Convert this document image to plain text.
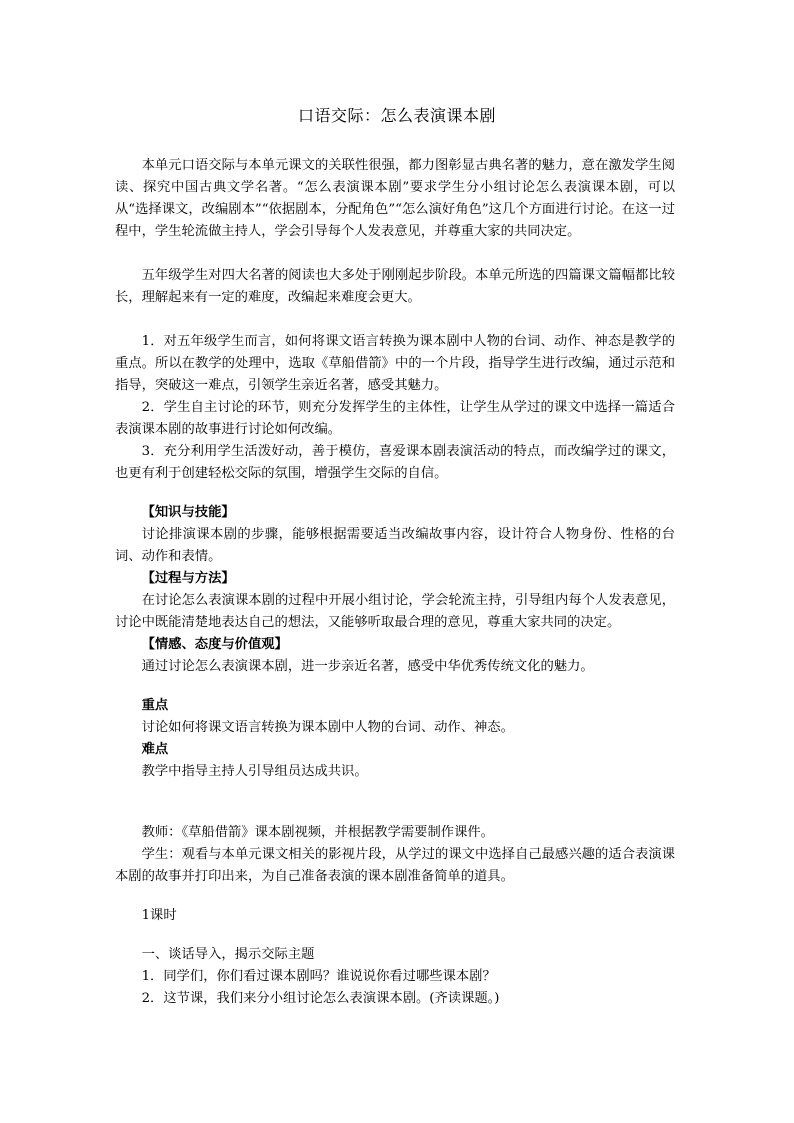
口语交际：怎么表演课本剧

本单元口语交际与本单元课文的关联性很强，都力图彰显古典名著的魅力，意在激发学生阅读、探究中国古典文学名著。“怎么表演课本剧”要求学生分小组讨论怎么表演课本剧，可以从“选择课文，改编剧本”“依据剧本，分配角色”“怎么演好角色”这几个方面进行讨论。在这一过程中，学生轮流做主持人，学会引导每个人发表意见，并尊重大家的共同决定。

五年级学生对四大名著的阅读也大多处于刚刚起步阶段。本单元所选的四篇课文篇幅都比较长，理解起来有一定的难度，改编起来难度会更大。

1．对五年级学生而言，如何将课文语言转换为课本剧中人物的台词、动作、神态是教学的重点。所以在教学的处理中，选取《草船借箭》中的一个片段，指导学生进行改编，通过示范和指导，突破这一难点，引领学生亲近名著，感受其魅力。

2．学生自主讨论的环节，则充分发挥学生的主体性，让学生从学过的课文中选择一篇适合表演课本剧的故事进行讨论如何改编。

3．充分利用学生活泼好动，善于模仿，喜爱课本剧表演活动的特点，而改编学过的课文，也更有利于创建轻松交际的氛围，增强学生交际的自信。

【知识与技能】

讨论排演课本剧的步骤，能够根据需要适当改编故事内容，设计符合人物身份、性格的台词、动作和表情。

【过程与方法】

在讨论怎么表演课本剧的过程中开展小组讨论，学会轮流主持，引导组内每个人发表意见，讨论中既能清楚地表达自己的想法，又能够听取最合理的意见，尊重大家共同的决定。

【情感、态度与价值观】

通过讨论怎么表演课本剧，进一步亲近名著，感受中华优秀传统文化的魅力。

重点

讨论如何将课文语言转换为课本剧中人物的台词、动作、神态。

难点

教学中指导主持人引导组员达成共识。

教师：《草船借箭》课本剧视频，并根据教学需要制作课件。

学生：观看与本单元课文相关的影视片段，从学过的课文中选择自己最感兴趣的适合表演课本剧的故事并打印出来，为自己准备表演的课本剧准备简单的道具。

1课时

一、谈话导入，揭示交际主题

1．同学们，你们看过课本剧吗？谁说说你看过哪些课本剧？

2．这节课，我们来分小组讨论怎么表演课本剧。(齐读课题。)
